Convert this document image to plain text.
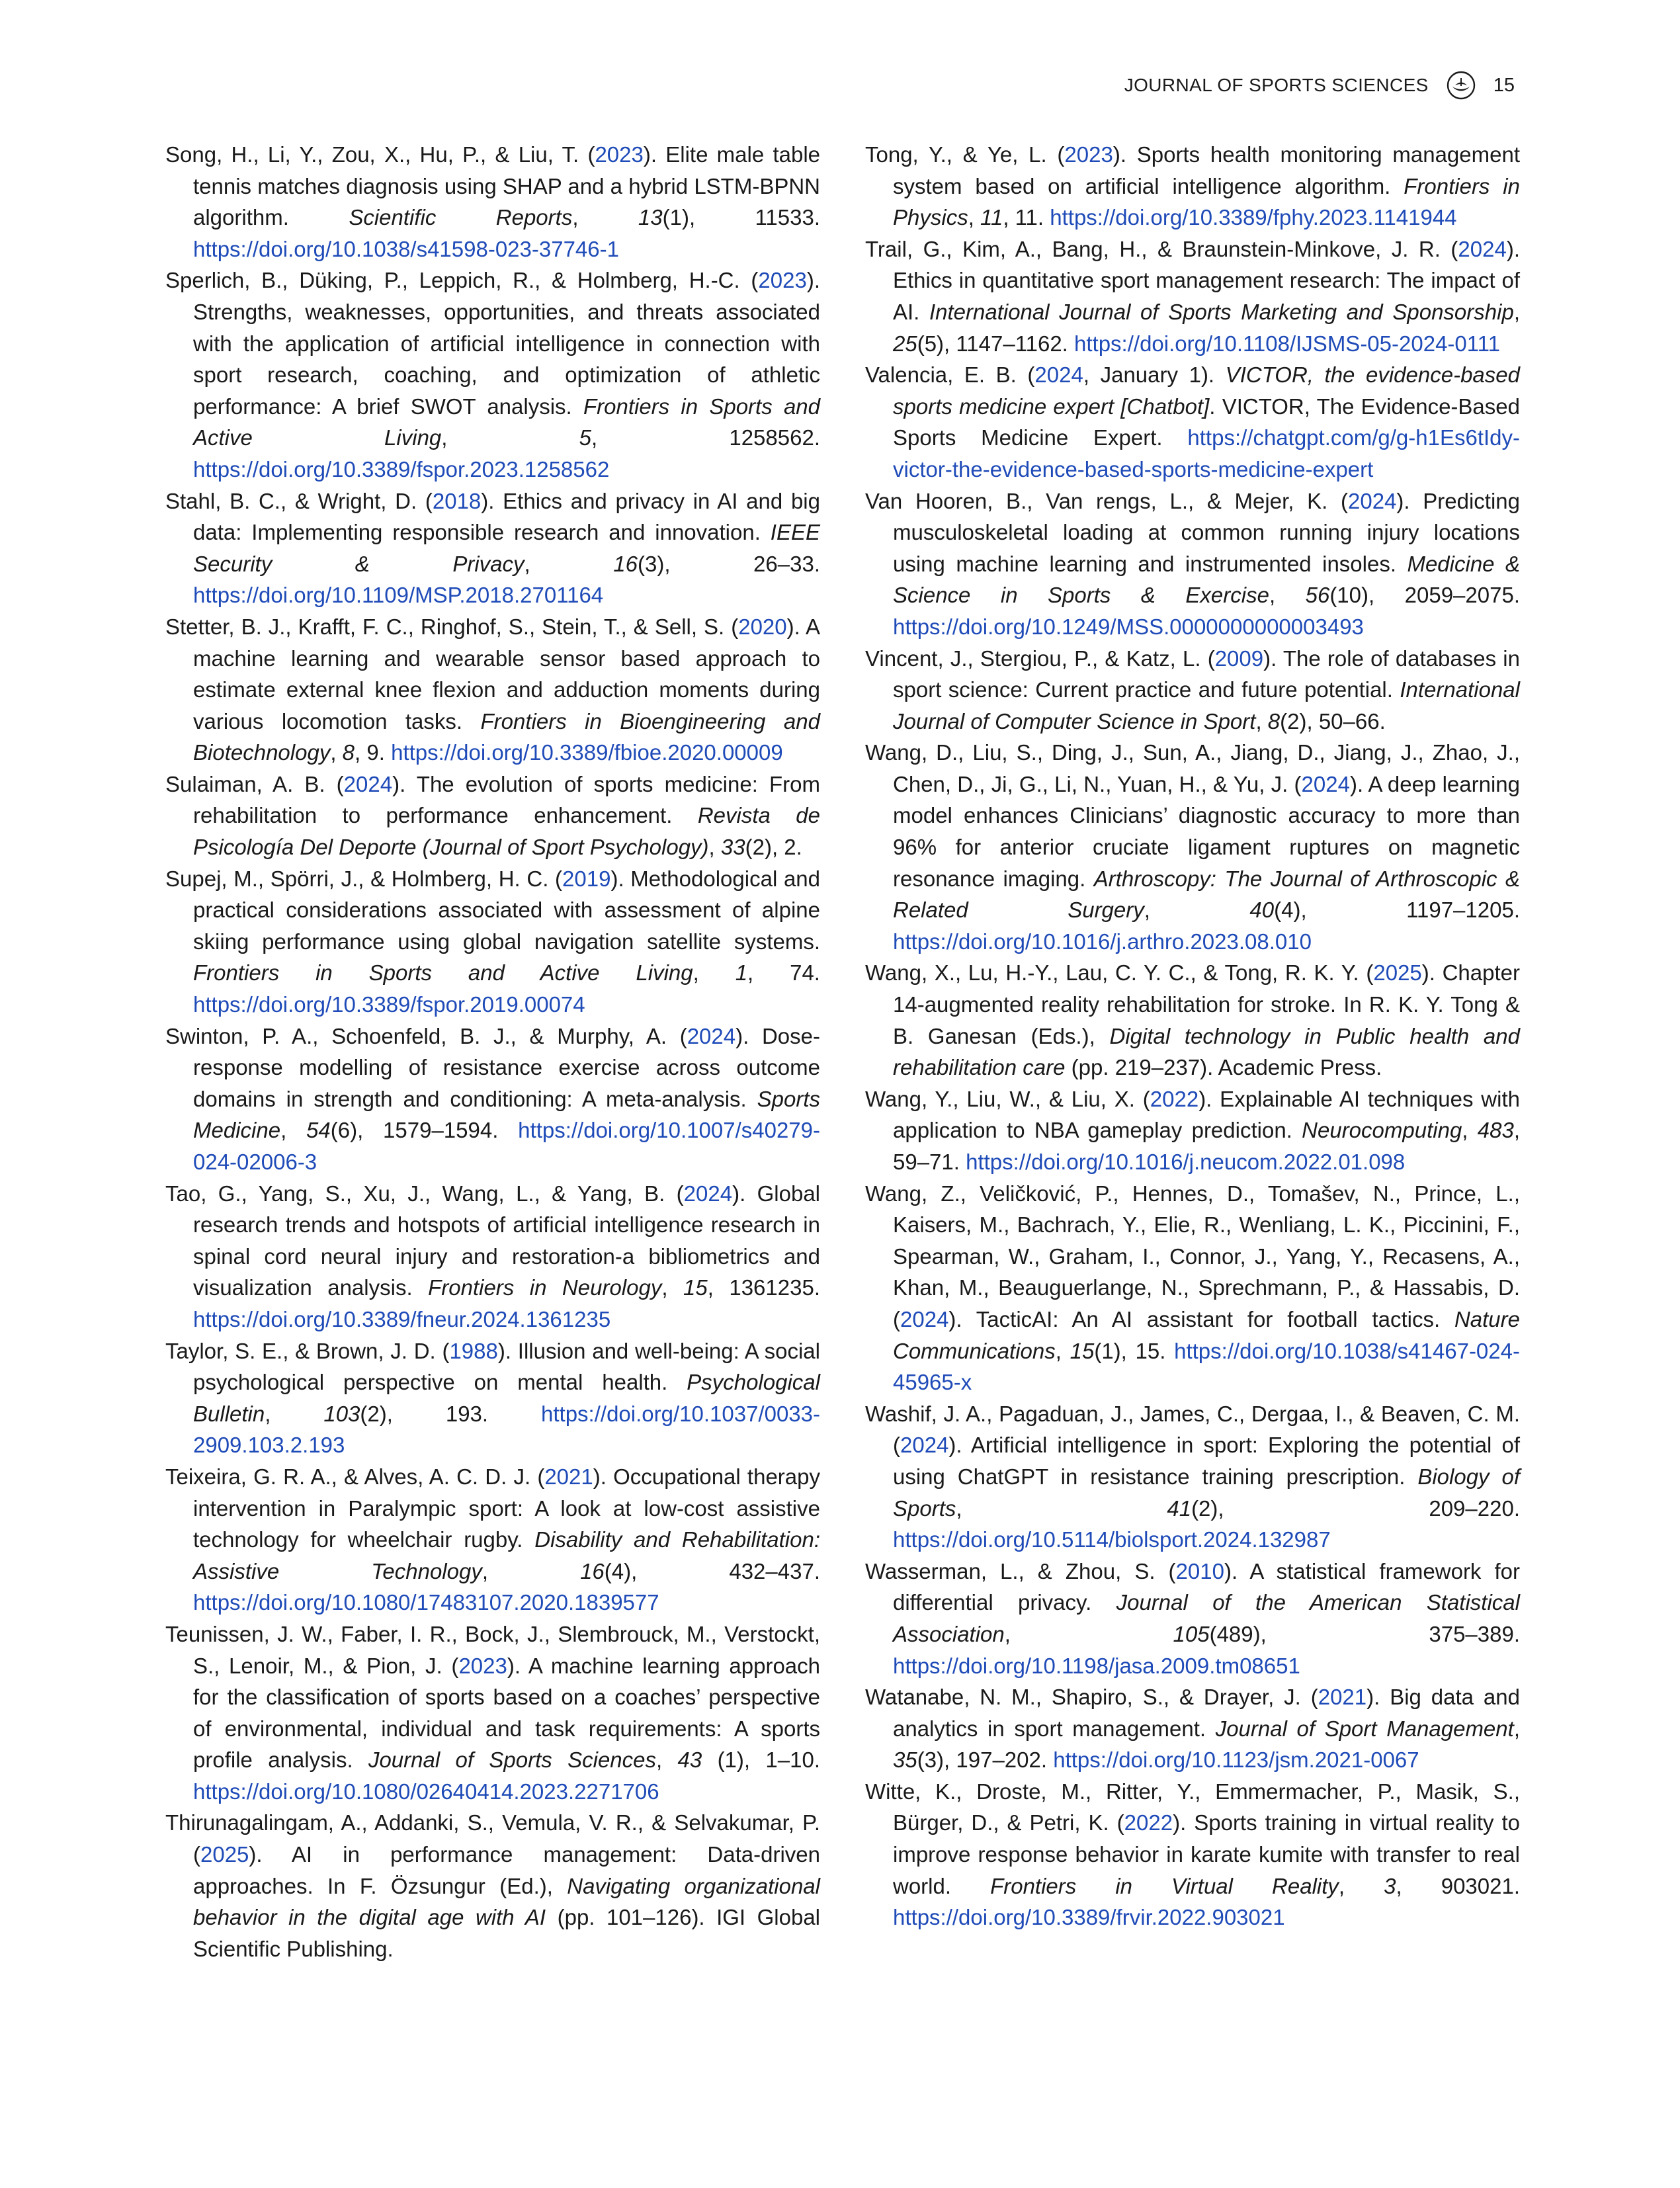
JOURNAL OF SPORTS SCIENCES	15

Song, H., Li, Y., Zou, X., Hu, P., & Liu, T. (2023). Elite male table tennis matches diagnosis using SHAP and a hybrid LSTM-BPNN algorithm. Scientific Reports, 13(1), 11533. https://doi.org/10.1038/s41598-023-37746-1

Sperlich, B., Düking, P., Leppich, R., & Holmberg, H.-C. (2023). Strengths, weaknesses, opportunities, and threats associated with the application of artificial intelligence in connection with sport research, coaching, and optimization of athletic performance: A brief SWOT analysis. Frontiers in Sports and Active Living, 5, 1258562. https://doi.org/10.3389/fspor.2023.1258562

Stahl, B. C., & Wright, D. (2018). Ethics and privacy in AI and big data: Implementing responsible research and innovation. IEEE Security & Privacy, 16(3), 26–33. https://doi.org/10.1109/MSP.2018.2701164

Stetter, B. J., Krafft, F. C., Ringhof, S., Stein, T., & Sell, S. (2020). A machine learning and wearable sensor based approach to estimate external knee flexion and adduction moments during various locomotion tasks. Frontiers in Bioengineering and Biotechnology, 8, 9. https://doi.org/10.3389/fbioe.2020.00009

Sulaiman, A. B. (2024). The evolution of sports medicine: From rehabilitation to performance enhancement. Revista de Psicología Del Deporte (Journal of Sport Psychology), 33(2), 2.

Supej, M., Spörri, J., & Holmberg, H. C. (2019). Methodological and practical considerations associated with assessment of alpine skiing performance using global navigation satellite systems. Frontiers in Sports and Active Living, 1, 74. https://doi.org/10.3389/fspor.2019.00074

Swinton, P. A., Schoenfeld, B. J., & Murphy, A. (2024). Dose-response modelling of resistance exercise across outcome domains in strength and conditioning: A meta-analysis. Sports Medicine, 54(6), 1579–1594. https://doi.org/10.1007/s40279-024-02006-3

Tao, G., Yang, S., Xu, J., Wang, L., & Yang, B. (2024). Global research trends and hotspots of artificial intelligence research in spinal cord neural injury and restoration-a bibliometrics and visualization analysis. Frontiers in Neurology, 15, 1361235. https://doi.org/10.3389/fneur.2024.1361235

Taylor, S. E., & Brown, J. D. (1988). Illusion and well-being: A social psychological perspective on mental health. Psychological Bulletin, 103(2), 193. https://doi.org/10.1037/0033-2909.103.2.193

Teixeira, G. R. A., & Alves, A. C. D. J. (2021). Occupational therapy intervention in Paralympic sport: A look at low-cost assistive technology for wheelchair rugby. Disability and Rehabilitation: Assistive Technology, 16(4), 432–437. https://doi.org/10.1080/17483107.2020.1839577

Teunissen, J. W., Faber, I. R., Bock, J., Slembrouck, M., Verstockt, S., Lenoir, M., & Pion, J. (2023). A machine learning approach for the classification of sports based on a coaches’ perspective of environmental, individual and task requirements: A sports profile analysis. Journal of Sports Sciences, 43 (1), 1–10. https://doi.org/10.1080/02640414.2023.2271706

Thirunagalingam, A., Addanki, S., Vemula, V. R., & Selvakumar, P. (2025). AI in performance management: Data-driven approaches. In F. Özsungur (Ed.), Navigating organizational behavior in the digital age with AI (pp. 101–126). IGI Global Scientific Publishing.

Tong, Y., & Ye, L. (2023). Sports health monitoring management system based on artificial intelligence algorithm. Frontiers in Physics, 11, 11. https://doi.org/10.3389/fphy.2023.1141944

Trail, G., Kim, A., Bang, H., & Braunstein-Minkove, J. R. (2024). Ethics in quantitative sport management research: The impact of AI. International Journal of Sports Marketing and Sponsorship, 25(5), 1147–1162. https://doi.org/10.1108/IJSMS-05-2024-0111

Valencia, E. B. (2024, January 1). VICTOR, the evidence-based sports medicine expert [Chatbot]. VICTOR, The Evidence-Based Sports Medicine Expert. https://chatgpt.com/g/g-h1Es6tIdy-victor-the-evidence-based-sports-medicine-expert

Van Hooren, B., Van rengs, L., & Mejer, K. (2024). Predicting musculoskeletal loading at common running injury locations using machine learning and instrumented insoles. Medicine & Science in Sports & Exercise, 56(10), 2059–2075. https://doi.org/10.1249/MSS.0000000000003493

Vincent, J., Stergiou, P., & Katz, L. (2009). The role of databases in sport science: Current practice and future potential. International Journal of Computer Science in Sport, 8(2), 50–66.

Wang, D., Liu, S., Ding, J., Sun, A., Jiang, D., Jiang, J., Zhao, J., Chen, D., Ji, G., Li, N., Yuan, H., & Yu, J. (2024). A deep learning model enhances Clinicians’ diagnostic accuracy to more than 96% for anterior cruciate ligament ruptures on magnetic resonance imaging. Arthroscopy: The Journal of Arthroscopic & Related Surgery, 40(4), 1197–1205. https://doi.org/10.1016/j.arthro.2023.08.010

Wang, X., Lu, H.-Y., Lau, C. Y. C., & Tong, R. K. Y. (2025). Chapter 14-augmented reality rehabilitation for stroke. In R. K. Y. Tong & B. Ganesan (Eds.), Digital technology in Public health and rehabilitation care (pp. 219–237). Academic Press.

Wang, Y., Liu, W., & Liu, X. (2022). Explainable AI techniques with application to NBA gameplay prediction. Neurocomputing, 483, 59–71. https://doi.org/10.1016/j.neucom.2022.01.098

Wang, Z., Veličković, P., Hennes, D., Tomašev, N., Prince, L., Kaisers, M., Bachrach, Y., Elie, R., Wenliang, L. K., Piccinini, F., Spearman, W., Graham, I., Connor, J., Yang, Y., Recasens, A., Khan, M., Beauguerlange, N., Sprechmann, P., & Hassabis, D. (2024). TacticAI: An AI assistant for football tactics. Nature Communications, 15(1), 15. https://doi.org/10.1038/s41467-024-45965-x

Washif, J. A., Pagaduan, J., James, C., Dergaa, I., & Beaven, C. M. (2024). Artificial intelligence in sport: Exploring the potential of using ChatGPT in resistance training prescription. Biology of Sports, 41(2), 209–220. https://doi.org/10.5114/biolsport.2024.132987

Wasserman, L., & Zhou, S. (2010). A statistical framework for differential privacy. Journal of the American Statistical Association, 105(489), 375–389. https://doi.org/10.1198/jasa.2009.tm08651

Watanabe, N. M., Shapiro, S., & Drayer, J. (2021). Big data and analytics in sport management. Journal of Sport Management, 35(3), 197–202. https://doi.org/10.1123/jsm.2021-0067

Witte, K., Droste, M., Ritter, Y., Emmermacher, P., Masik, S., Bürger, D., & Petri, K. (2022). Sports training in virtual reality to improve response behavior in karate kumite with transfer to real world. Frontiers in Virtual Reality, 3, 903021. https://doi.org/10.3389/frvir.2022.903021
